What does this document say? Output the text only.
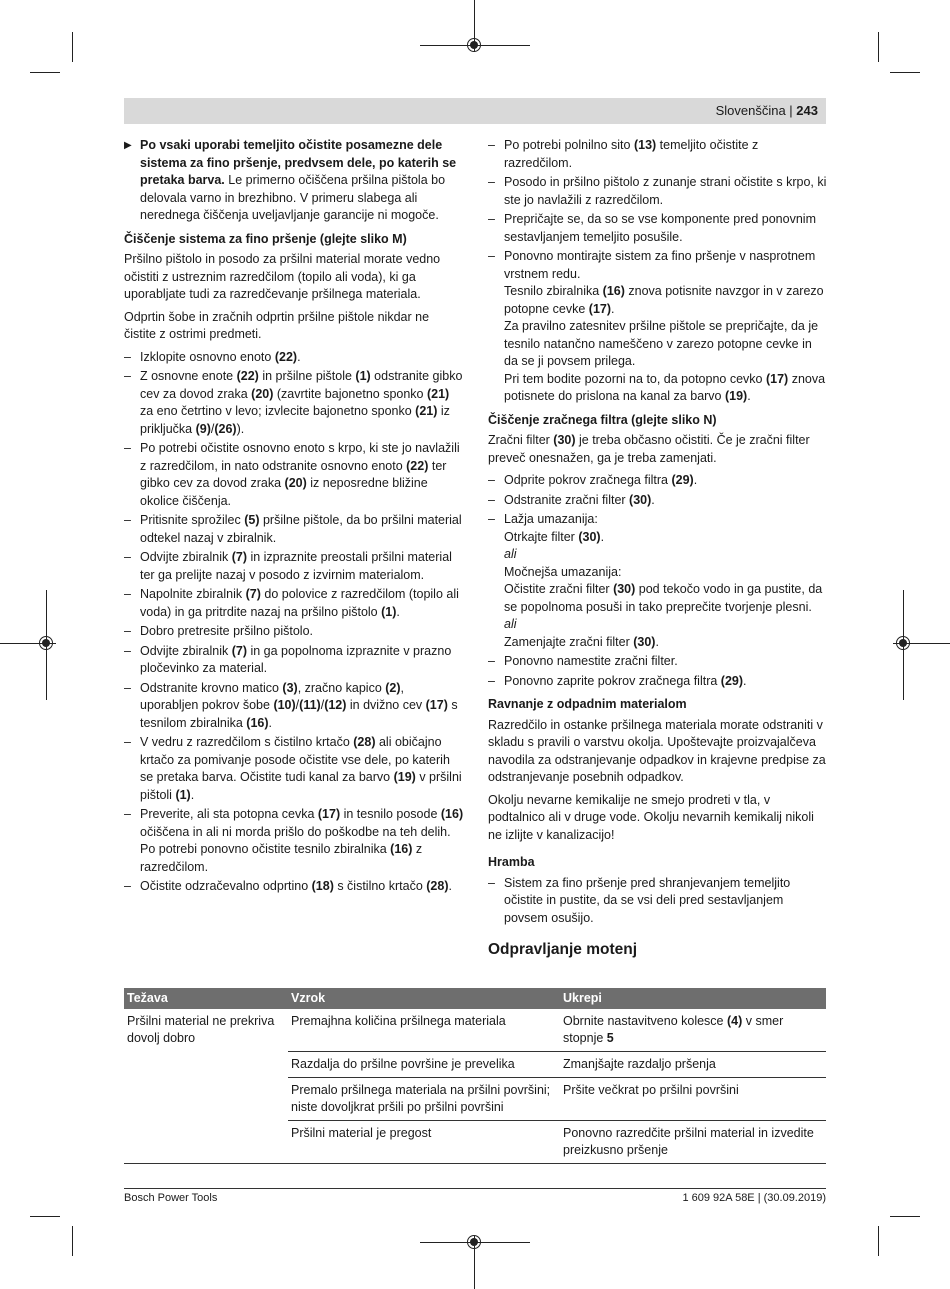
Slovenščina | 243
▶ Po vsaki uporabi temeljito očistite posamezne dele sistema za fino pršenje, predvsem dele, po katerih se pretaka barva. Le primerno očiščena pršilna pištola bo delovala varno in brezhibno. V primeru slabega ali nerednega čiščenja uveljavljanje garancije ni mogoče.
Čiščenje sistema za fino pršenje (glejte sliko M)

Pršilno pištolo in posodo za pršilni material morate vedno očistiti z ustreznim razredčilom (topilo ali voda), ki ga uporabljate tudi za razredčevanje pršilnega materiala.

Odprtin šobe in zračnih odprtin pršilne pištole nikdar ne čistite z ostrimi predmeti.

– Izklopite osnovno enoto (22).
– Z osnovne enote (22) in pršilne pištole (1) odstranite gibko cev za dovod zraka (20) (zavrtite bajonetno sponko (21) za eno četrtino v levo; izvlecite bajonetno sponko (21) iz priključka (9)/(26)).
– Po potrebi očistite osnovno enoto s krpo, ki ste jo navlažili z razredčilom, in nato odstranite osnovno enoto (22) ter gibko cev za dovod zraka (20) iz neposredne bližine okolice čiščenja.
– Pritisnite sprožilec (5) pršilne pištole, da bo pršilni material odtekel nazaj v zbiralnik.
– Odvijte zbiralnik (7) in izpraznite preostali pršilni material ter ga prelijte nazaj v posodo z izvirnim materialom.
– Napolnite zbiralnik (7) do polovice z razredčilom (topilo ali voda) in ga pritrdite nazaj na pršilno pištolo (1).
– Dobro pretresite pršilno pištolo.
– Odvijte zbiralnik (7) in ga popolnoma izpraznite v prazno pločevinko za material.
– Odstranite krovno matico (3), zračno kapico (2), uporabljen pokrov šobe (10)/(11)/(12) in dvižno cev (17) s tesnilom zbiralnika (16).
– V vedru z razredčilom s čistilno krtačo (28) ali običajno krtačo za pomivanje posode očistite vse dele, po katerih se pretaka barva. Očistite tudi kanal za barvo (19) v pršilni pištoli (1).
– Preverite, ali sta potopna cevka (17) in tesnilo posode (16) očiščena in ali ni morda prišlo do poškodbe na teh delih.
Po potrebi ponovno očistite tesnilo zbiralnika (16) z razredčilom.
– Očistite odzračevalno odprtino (18) s čistilno krtačo (28).
– Po potrebi polnilno sito (13) temeljito očistite z razredčilom.
– Posodo in pršilno pištolo z zunanje strani očistite s krpo, ki ste jo navlažili z razredčilom.
– Prepričajte se, da so se vse komponente pred ponovnim sestavljanjem temeljito posušile.
– Ponovno montirajte sistem za fino pršenje v nasprotnem vrstnem redu.
Tesnilo zbiralnika (16) znova potisnite navzgor in v zarezo potopne cevke (17).
Za pravilno zatesnitev pršilne pištole se prepričajte, da je tesnilo natančno nameščeno v zarezo potopne cevke in da se ji povsem prilega.
Pri tem bodite pozorni na to, da potopno cevko (17) znova potisnete do prislona na kanal za barvo (19).
Čiščenje zračnega filtra (glejte sliko N)

Zračni filter (30) je treba občasno očistiti. Če je zračni filter preveč onesnažen, ga je treba zamenjati.

– Odprite pokrov zračnega filtra (29).
– Odstranite zračni filter (30).
– Lažja umazanija:
Otrkajte filter (30).
ali
Močnejša umazanija:
Očistite zračni filter (30) pod tekočo vodo in ga pustite, da se popolnoma posuši in tako preprečite tvorjenje plesni.
ali
Zamenjajte zračni filter (30).
– Ponovno namestite zračni filter.
– Ponovno zaprite pokrov zračnega filtra (29).
Ravnanje z odpadnim materialom

Razredčilo in ostanke pršilnega materiala morate odstraniti v skladu s pravili o varstvu okolja. Upoštevajte proizvajalčeva navodila za odstranjevanje odpadkov in krajevne predpise za odstranjevanje posebnih odpadkov.

Okolju nevarne kemikalije ne smejo prodreti v tla, v podtalnico ali v druge vode. Okolju nevarnih kemikalij nikoli ne izlijte v kanalizacijo!

Hramba
– Sistem za fino pršenje pred shranjevanjem temeljito očistite in pustite, da se vsi deli pred sestavljanjem povsem osušijo.
Odpravljanje motenj
Težava	Vzrok	Ukrepi
Pršilni material ne prekriva dovolj dobro	Premajhna količina pršilnega materiala	Obrnite nastavitveno kolesce (4) v smer stopnje 5
	Razdalja do pršilne površine je prevelika	Zmanjšajte razdaljo pršenja
	Premalo pršilnega materiala na pršilni površini; niste dovoljkrat pršili po pršilni površini	Pršite večkrat po pršilni površini
	Pršilni material je pregost	Ponovno razredčite pršilni material in izvedite preizkusno pršenje
Bosch Power Tools	1 609 92A 58E | (30.09.2019)
